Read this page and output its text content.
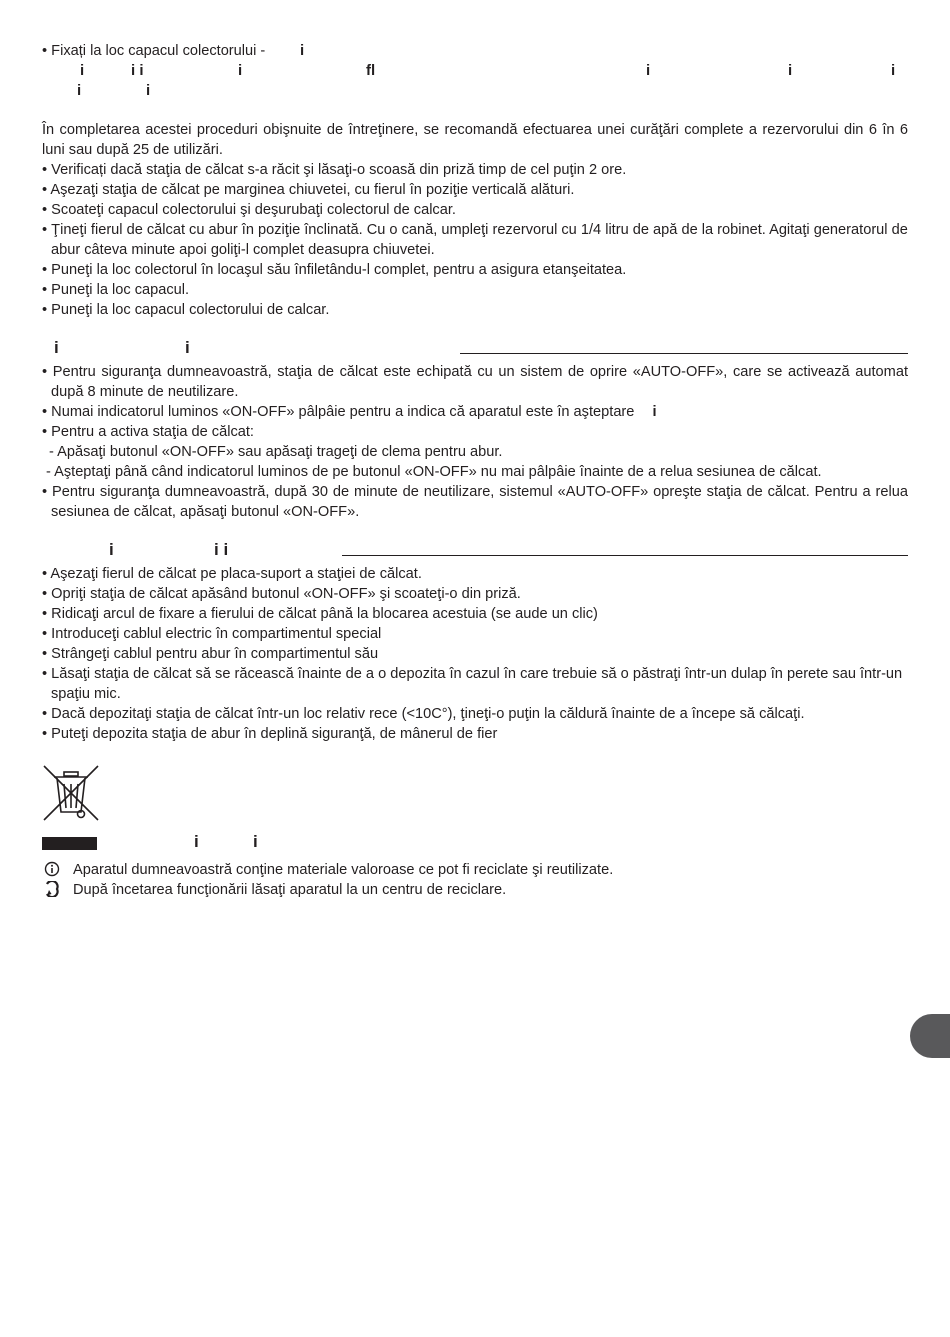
• Fixați la loc capacul colectorului - i
i	i i	i	fl	i	i	i
i	i
În completarea acestei proceduri obişnuite de întreţinere, se recomandă efectuarea unei curăţări complete a rezervorului din 6 în 6 luni sau după 25 de utilizări.
• Verificați dacă staţia de călcat s-a răcit şi lăsaţi-o scoasă din priză timp de cel puţin 2 ore.
• Aşezaţi staţia de călcat pe marginea chiuvetei, cu fierul în poziţie verticală alături.
• Scoateţi capacul colectorului şi deşurubaţi colectorul de calcar.
• Ţineţi fierul de călcat cu abur în poziţie înclinată. Cu o cană, umpleţi rezervorul cu 1/4 litru de apă de la robinet. Agitaţi generatorul de abur câteva minute apoi goliţi-l complet deasupra chiuvetei.
• Puneţi la loc colectorul în locaşul său înfiletându-l complet, pentru a asigura etanşeitatea.
• Puneţi la loc capacul.
• Puneţi la loc capacul colectorului de calcar.
i	i
• Pentru siguranţa dumneavoastră, staţia de călcat este echipată cu un sistem de oprire «AUTO-OFF», care se activează automat după 8 minute de neutilizare.
• Numai indicatorul luminos «ON-OFF» pâlpâie pentru a indica că aparatul este în aşteptare i
• Pentru a activa staţia de călcat:
- Apăsaţi butonul «ON-OFF» sau apăsaţi trageţi de clema pentru abur.
- Aşteptaţi până când indicatorul luminos de pe butonul «ON-OFF» nu mai pâlpâie înainte de a relua sesiunea de călcat.
• Pentru siguranţa dumneavoastră, după 30 de minute de neutilizare, sistemul «AUTO-OFF» opreşte staţia de călcat. Pentru a relua sesiunea de călcat, apăsaţi butonul «ON-OFF».
i	i i
• Aşezaţi fierul de călcat pe placa-suport a staţiei de călcat.
• Opriţi staţia de călcat apăsând butonul «ON-OFF» şi scoateţi-o din priză.
• Ridicaţi arcul de fixare a fierului de călcat până la blocarea acestuia (se aude un clic)
• Introduceţi cablul electric în compartimentul special
• Strângeţi cablul pentru abur în compartimentul său
• Lăsaţi staţia de călcat să se răcească înainte de a o depozita în cazul în care trebuie să o păstraţi într-un dulap în perete sau într-un spaţiu mic.
• Dacă depozitaţi staţia de călcat într-un loc relativ rece (<10C°), ţineţi-o puţin la căldură înainte de a începe să călcaţi.
• Puteţi depozita staţia de abur în deplină siguranţă, de mânerul de fier
i	i
Aparatul dumneavoastră conţine materiale valoroase ce pot fi reciclate şi reutilizate.
După încetarea funcţionării lăsaţi aparatul la un centru de reciclare.
